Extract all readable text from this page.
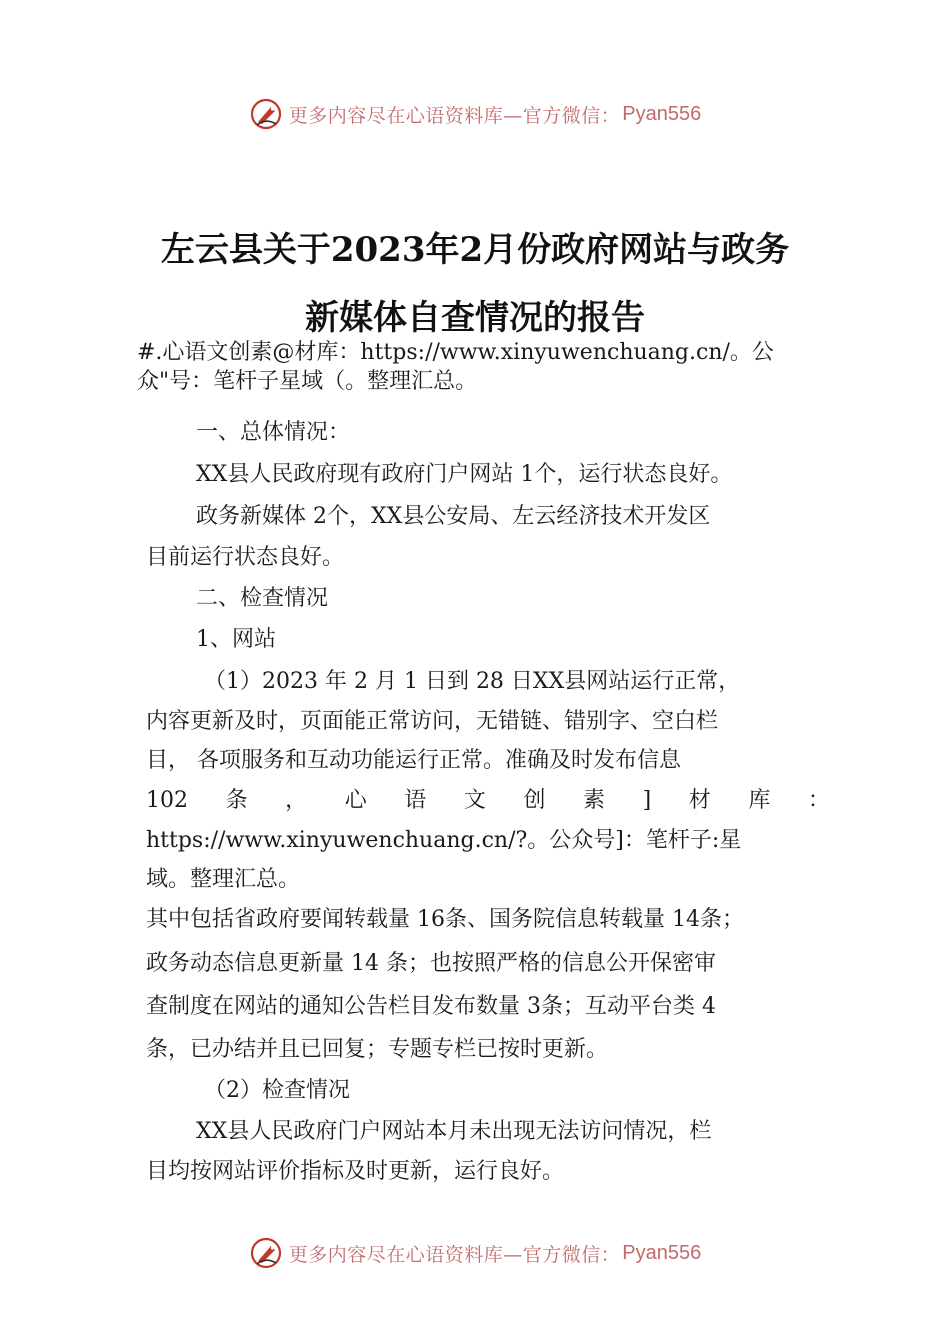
更多内容尽在心语资料库—官方微信： Pyan556
左云县关于2023年2月份政府网站与政务
新媒体自查情况的报告
#.心语文创素@材库：https://www.xinyuwenchuang.cn/。公
众"号：笔杆子星域（。整理汇总。
一、总体情况：
XX县人民政府现有政府门户网站 1个，运行状态良好。
政务新媒体 2个，XX县公安局、左云经济技术开发区
目前运行状态良好。
二、检查情况
1、网站
（1）2023 年 2 月 1 日到 28 日XX县网站运行正常，
内容更新及时，页面能正常访问，无错链、错别字、空白栏
目， 各项服务和互动功能运行正常。准确及时发布信息
102 条 ， 心 语 文 创 素 ] 材 库 ：
https://www.xinyuwenchuang.cn/?。公众号]：笔杆子:星
域。整理汇总。
其中包括省政府要闻转载量 16条、国务院信息转载量 14条；
政务动态信息更新量 14 条；也按照严格的信息公开保密审
查制度在网站的通知公告栏目发布数量 3条；互动平台类 4
条，已办结并且已回复；专题专栏已按时更新。
（2）检查情况
XX县人民政府门户网站本月未出现无法访问情况，栏
目均按网站评价指标及时更新，运行良好。
更多内容尽在心语资料库—官方微信： Pyan556
